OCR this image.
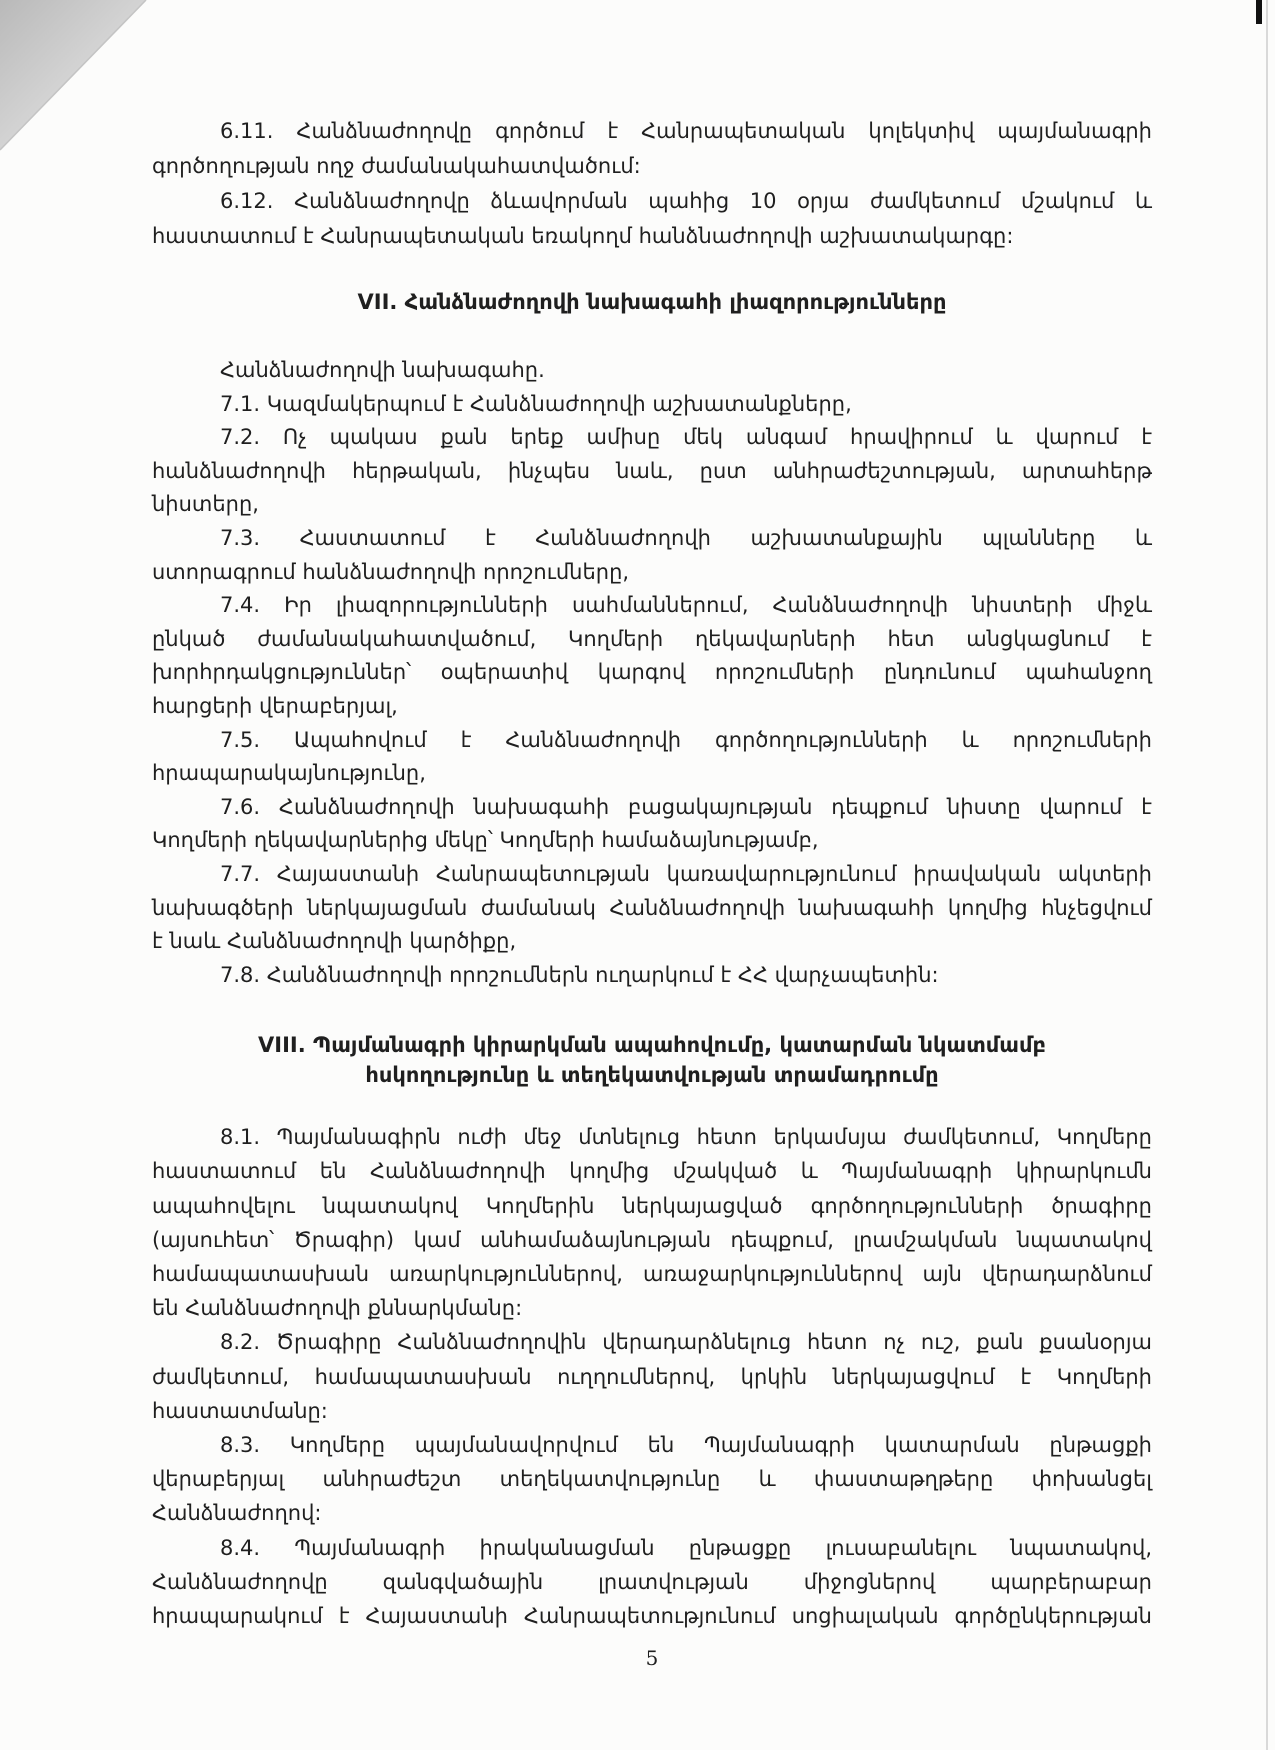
6.11. Հանձնաժողովը գործում է Հանրապետական կոլեկտիվ պայմանագրի
գործողության ողջ ժամանակահատվածում:
6.12. Հանձնաժողովը ձևավորման պահից 10 օրյա ժամկետում մշակում և
հաստատում է Հանրապետական եռակողմ հանձնաժողովի աշխատակարգը:
VII. Հանձնաժողովի նախագահի լիազորությունները
Հանձնաժողովի նախագահը.
7.1. Կազմակերպում է Հանձնաժողովի աշխատանքները,
7.2. Ոչ պակաս քան երեք ամիսը մեկ անգամ հրավիրում և վարում է
հանձնաժողովի հերթական, ինչպես նաև, ըստ անհրաժեշտության, արտահերթ
նիստերը,
7.3. Հաստատում է Հանձնաժողովի աշխատանքային պլանները և
ստորագրում հանձնաժողովի որոշումները,
7.4. Իր լիազորությունների սահմաններում, Հանձնաժողովի նիստերի միջև
ընկած ժամանակահատվածում, Կողմերի ղեկավարների հետ անցկացնում է
խորհրդակցություններ՝ օպերատիվ կարգով որոշումների ընդունում պահանջող
հարցերի վերաբերյալ,
7.5. Ապահովում է Հանձնաժողովի գործողությունների և որոշումների
հրապարակայնությունը,
7.6. Հանձնաժողովի նախագահի բացակայության դեպքում նիստը վարում է
Կողմերի ղեկավարներից մեկը՝ Կողմերի համաձայնությամբ,
7.7. Հայաստանի Հանրապետության կառավարությունում իրավական ակտերի
նախագծերի ներկայացման ժամանակ Հանձնաժողովի նախագահի կողմից հնչեցվում
է նաև Հանձնաժողովի կարծիքը,
7.8. Հանձնաժողովի որոշումներն ուղարկում է ՀՀ վարչապետին:
VIII. Պայմանագրի կիրարկման ապահովումը, կատարման նկատմամբ
հսկողությունը և տեղեկատվության տրամադրումը
8.1. Պայմանագիրն ուժի մեջ մտնելուց հետո երկամսյա ժամկետում, Կողմերը
հաստատում են Հանձնաժողովի կողմից մշակված և Պայմանագրի կիրարկումն
ապահովելու նպատակով Կողմերին ներկայացված գործողությունների ծրագիրը
(այսուհետ՝ Ծրագիր) կամ անհամաձայնության դեպքում, լրամշակման նպատակով
համապատասխան առարկություններով, առաջարկություններով այն վերադարձնում
են Հանձնաժողովի քննարկմանը:
8.2. Ծրագիրը Հանձնաժողովին վերադարձնելուց հետո ոչ ուշ, քան քսանօրյա
ժամկետում, համապատասխան ուղղումներով, կրկին ներկայացվում է Կողմերի
հաստատմանը:
8.3. Կողմերը պայմանավորվում են Պայմանագրի կատարման ընթացքի
վերաբերյալ անհրաժեշտ տեղեկատվությունը և փաստաթղթերը փոխանցել
Հանձնաժողով:
8.4. Պայմանագրի իրականացման ընթացքը լուսաբանելու նպատակով,
Հանձնաժողովը զանգվածային լրատվության միջոցներով պարբերաբար
հրապարակում է Հայաստանի Հանրապետությունում սոցիալական գործընկերության
5
